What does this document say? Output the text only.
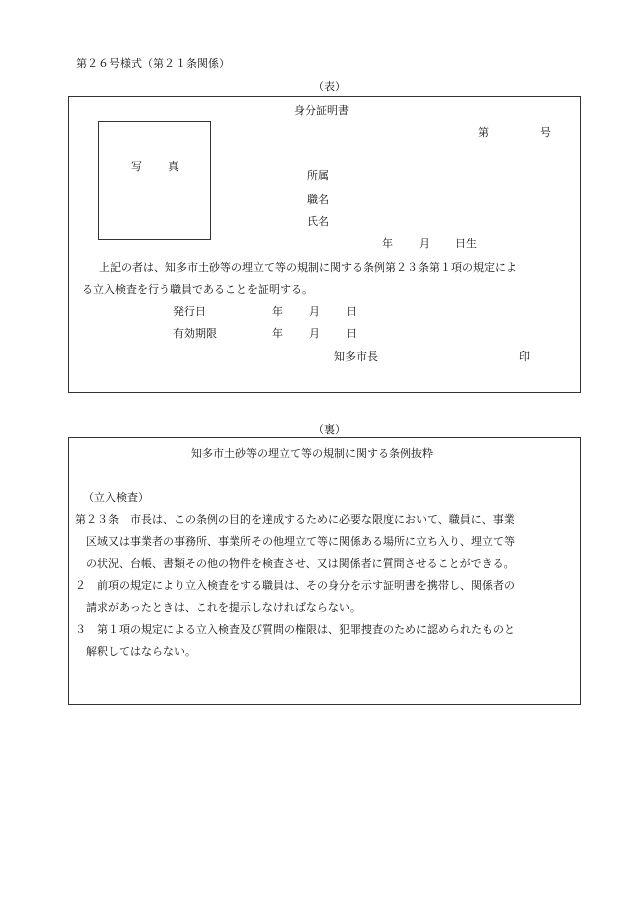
第２６号様式（第２１条関係）
（表）
身分証明書
第	号
写 真
所属
職名
氏名
年 月 日生
上記の者は、知多市土砂等の埋立て等の規制に関する条例第２３条第１項の規定によ
る立入検査を行う職員であることを証明する。
発行日	年 月 日
有効期限	年 月 日
知多市長	印
（裏）
知多市土砂等の埋立て等の規制に関する条例抜粋
（立入検査）
第２３条　市長は、この条例の目的を達成するために必要な限度において、職員に、事業
区域又は事業者の事務所、事業所その他埋立て等に関係ある場所に立ち入り、埋立て等
の状況、台帳、書類その他の物件を検査させ、又は関係者に質問させることができる。
２　前項の規定により立入検査をする職員は、その身分を示す証明書を携帯し、関係者の
請求があったときは、これを提示しなければならない。
３　第１項の規定による立入検査及び質問の権限は、犯罪捜査のために認められたものと
解釈してはならない。
